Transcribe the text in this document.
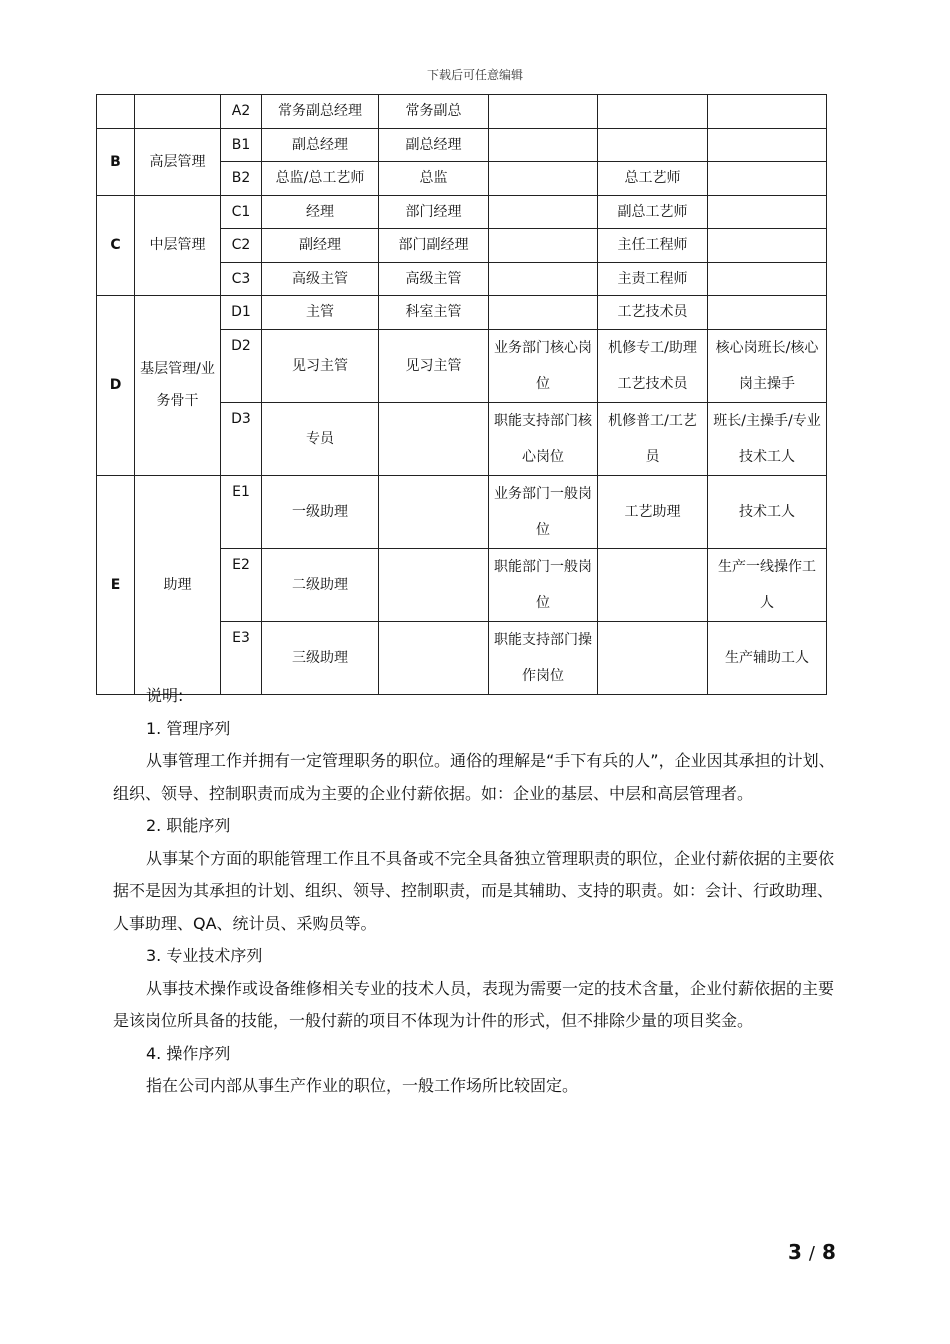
下载后可任意编辑
		A2	常务副总经理	常务副总			
B	高层管理	B1	副总经理	副总经理			
		B2	总监/总工艺师	总监		总工艺师	
C	中层管理	C1	经理	部门经理		副总工艺师	
		C2	副经理	部门副经理		主任工程师	
		C3	高级主管	高级主管		主责工程师	
D	基层管理/业务骨干	D1	主管	科室主管		工艺技术员	
		D2	见习主管	见习主管	业务部门核心岗位	机修专工/助理工艺技术员	核心岗班长/核心岗主操手
		D3	专员		职能支持部门核心岗位	机修普工/工艺员	班长/主操手/专业技术工人
E	助理	E1	一级助理		业务部门一般岗位	工艺助理	技术工人
		E2	二级助理		职能部门一般岗位		生产一线操作工人
		E3	三级助理		职能支持部门操作岗位		生产辅助工人

说明:

1. 管理序列

从事管理工作并拥有一定管理职务的职位。通俗的理解是“手下有兵的人”，企业因其承担的计划、组织、领导、控制职责而成为主要的企业付薪依据。如：企业的基层、中层和高层管理者。

2. 职能序列

从事某个方面的职能管理工作且不具备或不完全具备独立管理职责的职位，企业付薪依据的主要依据不是因为其承担的计划、组织、领导、控制职责，而是其辅助、支持的职责。如：会计、行政助理、人事助理、QA、统计员、采购员等。

3. 专业技术序列

从事技术操作或设备维修相关专业的技术人员，表现为需要一定的技术含量，企业付薪依据的主要是该岗位所具备的技能，一般付薪的项目不体现为计件的形式，但不排除少量的项目奖金。

4. 操作序列

指在公司内部从事生产作业的职位，一般工作场所比较固定。

3 / 8
